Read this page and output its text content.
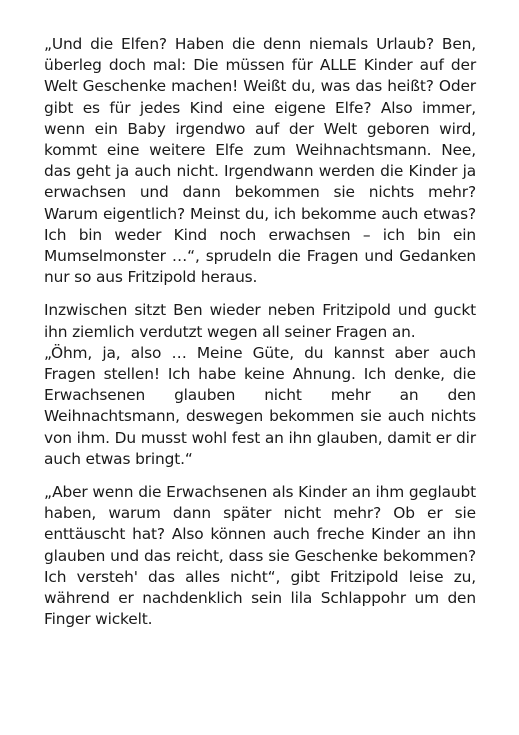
„Und die Elfen? Haben die denn niemals Urlaub? Ben, überleg doch mal: Die müssen für ALLE Kinder auf der Welt Geschenke machen! Weißt du, was das heißt? Oder gibt es für jedes Kind eine eigene Elfe? Also immer, wenn ein Baby irgendwo auf der Welt geboren wird, kommt eine weitere Elfe zum Weihnachtsmann. Nee, das geht ja auch nicht. Irgendwann werden die Kinder ja erwachsen und dann bekommen sie nichts mehr? Warum eigentlich? Meinst du, ich bekomme auch etwas? Ich bin weder Kind noch erwachsen – ich bin ein Mumselmonster …“, sprudeln die Fragen und Gedanken nur so aus Fritzipold heraus.

Inzwischen sitzt Ben wieder neben Fritzipold und guckt ihn ziemlich verdutzt wegen all seiner Fragen an.

„Öhm, ja, also … Meine Güte, du kannst aber auch Fragen stellen! Ich habe keine Ahnung. Ich denke, die Erwachsenen glauben nicht mehr an den Weihnachtsmann, deswegen bekommen sie auch nichts von ihm. Du musst wohl fest an ihn glauben, damit er dir auch etwas bringt.“

„Aber wenn die Erwachsenen als Kinder an ihm geglaubt haben, warum dann später nicht mehr? Ob er sie enttäuscht hat? Also können auch freche Kinder an ihn glauben und das reicht, dass sie Geschenke bekommen? Ich versteh' das alles nicht“, gibt Fritzipold leise zu, während er nachdenklich sein lila Schlappohr um den Finger wickelt.
